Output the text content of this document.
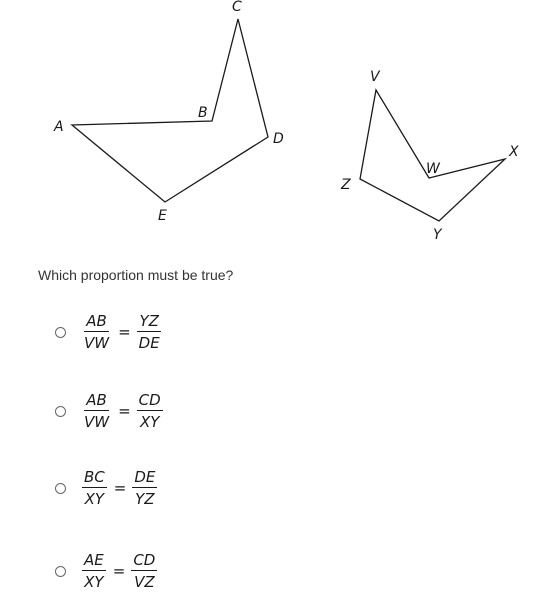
A
B
C
D
E
V
W
X
Y
Z
Which proportion must be true?
$\frac{AB}{VW} = \frac{YZ}{DE}$
$\frac{AB}{VW} = \frac{CD}{XY}$
$\frac{BC}{XY} = \frac{DE}{YZ}$
$\frac{AE}{XY} = \frac{CD}{VZ}$
